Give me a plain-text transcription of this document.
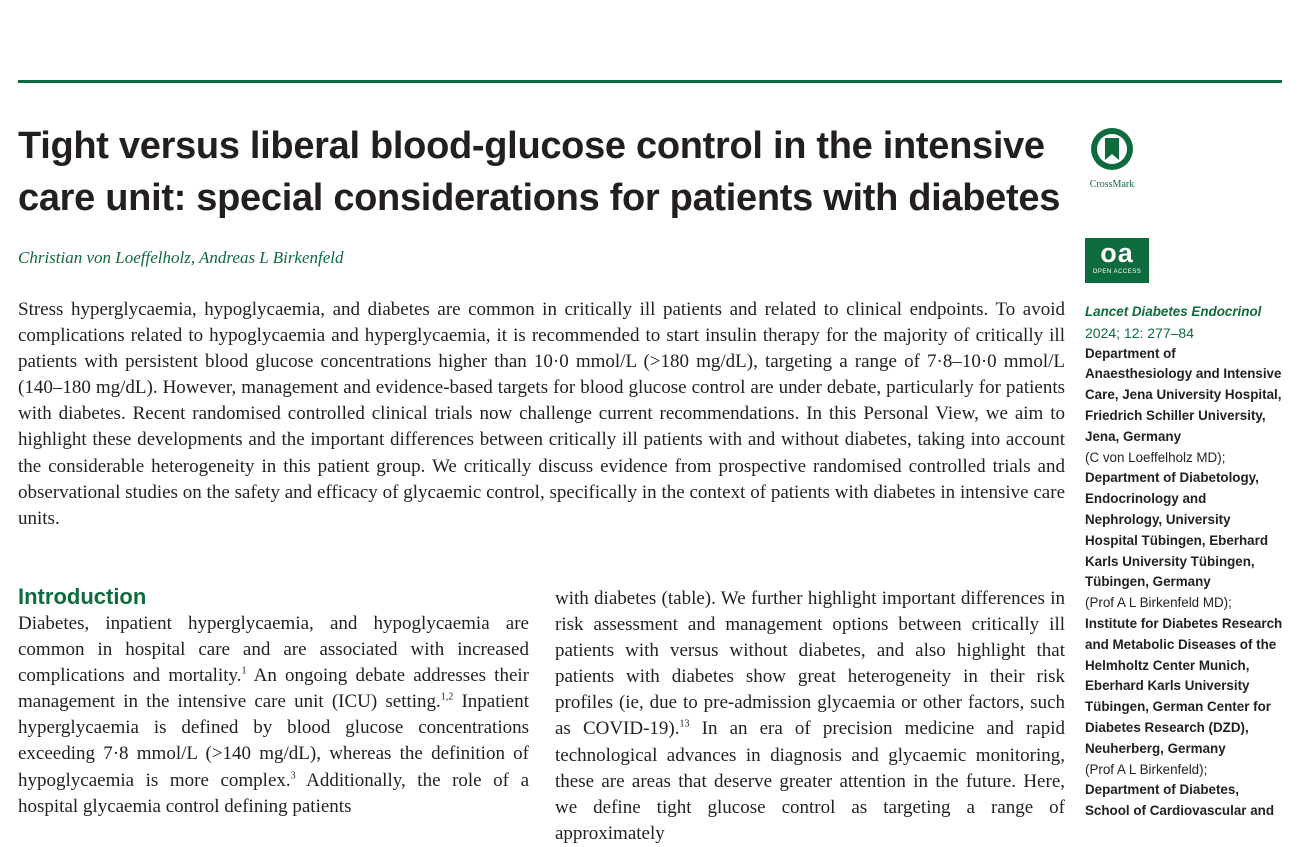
Tight versus liberal blood-glucose control in the intensive
care unit: special considerations for patients with diabetes
Christian von Loeffelholz, Andreas L Birkenfeld

Stress hyperglycaemia, hypoglycaemia, and diabetes are common in critically ill patients and related to clinical endpoints. To avoid complications related to hypoglycaemia and hyperglycaemia, it is recommended to start insulin therapy for the majority of critically ill patients with persistent blood glucose concentrations higher than 10·0 mmol/L (>180 mg/dL), targeting a range of 7·8–10·0 mmol/L (140–180 mg/dL). However, management and evidence-based targets for blood glucose control are under debate, particularly for patients with diabetes. Recent randomised controlled clinical trials now challenge current recommendations. In this Personal View, we aim to highlight these developments and the important differences between critically ill patients with and without diabetes, taking into account the considerable heterogeneity in this patient group. We critically discuss evidence from prospective randomised controlled trials and observational studies on the safety and efficacy of glycaemic control, specifically in the context of patients with diabetes in intensive care units.

Introduction

Diabetes, inpatient hyperglycaemia, and hypoglycaemia are common in hospital care and are associated with increased complications and mortality.$^1$ An ongoing debate addresses their management in the intensive care unit (ICU) setting.$^{1,2}$ Inpatient hyperglycaemia is defined by blood glucose concentrations exceeding 7·8 mmol/L (>140 mg/dL), whereas the definition of hypoglycaemia is more complex.$^3$ Additionally, the role of a hospital glycaemia control defining patients

with diabetes (table). We further highlight important differences in risk assessment and management options between critically ill patients with versus without diabetes, and also highlight that patients with diabetes show great heterogeneity in their risk profiles (ie, due to pre-admission glycaemia or other factors, such as COVID-19).$^{13}$ In an era of precision medicine and rapid technological advances in diagnosis and glycaemic monitoring, these are areas that deserve greater attention in the future. Here, we define tight glucose control as targeting a range of approximately

CrossMark
oa
OPEN ACCESS
Lancet Diabetes Endocrinol
2024; 12: 277–84
Department of Anaesthesiology and Intensive Care, Jena University Hospital, Friedrich Schiller University, Jena, Germany
(C von Loeffelholz MD);
Department of Diabetology, Endocrinology and Nephrology, University Hospital Tübingen, Eberhard Karls University Tübingen, Tübingen, Germany
(Prof A L Birkenfeld MD);
Institute for Diabetes Research and Metabolic Diseases of the Helmholtz Center Munich, Eberhard Karls University Tübingen, German Center for Diabetes Research (DZD), Neuherberg, Germany
(Prof A L Birkenfeld);
Department of Diabetes, School of Cardiovascular and
